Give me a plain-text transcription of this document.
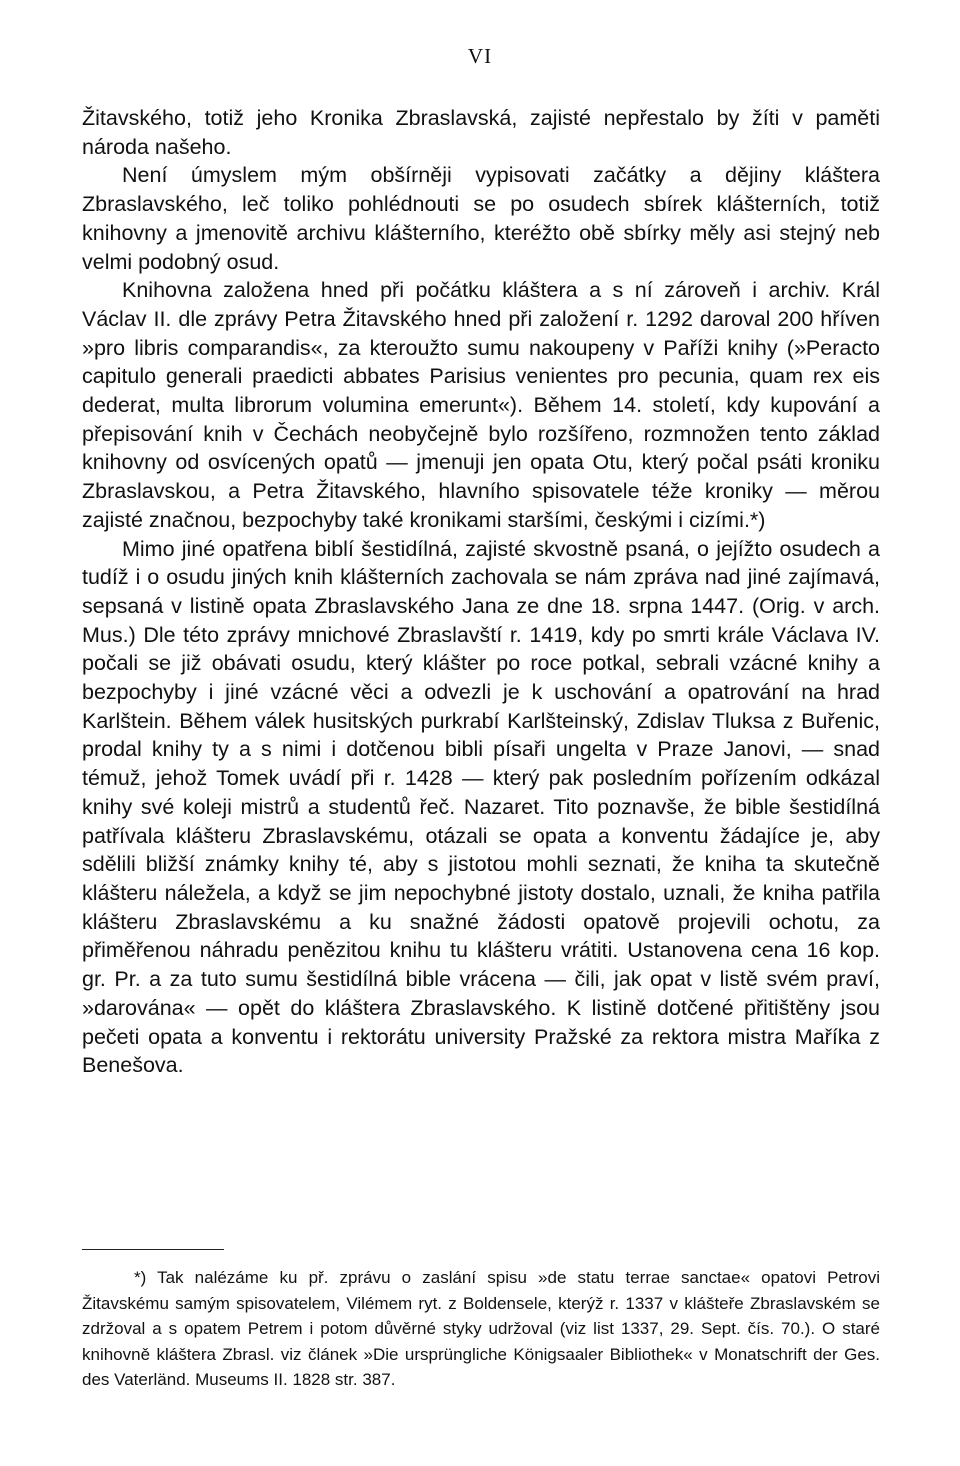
VI

Žitavského, totiž jeho Kronika Zbraslavská, zajisté nepřestalo by žíti v paměti národa našeho.

Není úmyslem mým obšírněji vypisovati začátky a dějiny kláštera Zbraslavského, leč toliko pohlédnouti se po osudech sbírek klášterních, totiž knihovny a jmenovitě archivu klášterního, kteréžto obě sbírky měly asi stejný neb velmi podobný osud.

Knihovna založena hned při počátku kláštera a s ní zároveň i archiv. Král Václav II. dle zprávy Petra Žitavského hned při založení r. 1292 daroval 200 hříven »pro libris comparandis«, za kteroužto sumu nakoupeny v Paříži knihy (»Peracto capitulo generali praedicti abbates Parisius venientes pro pecunia, quam rex eis dederat, multa librorum volumina emerunt«). Během 14. století, kdy kupování a přepisování knih v Čechách neobyčejně bylo rozšířeno, rozmnožen tento základ knihovny od osvícených opatů — jmenuji jen opata Otu, který počal psáti kroniku Zbraslavskou, a Petra Žitavského, hlavního spisovatele téže kroniky — měrou zajisté značnou, bezpochyby také kronikami staršími, českými i cizími.*)

Mimo jiné opatřena biblí šestidílná, zajisté skvostně psaná, o jejížto osudech a tudíž i o osudu jiných knih klášterních zachovala se nám zpráva nad jiné zajímavá, sepsaná v listině opata Zbraslavského Jana ze dne 18. srpna 1447. (Orig. v arch. Mus.) Dle této zprávy mnichové Zbraslavští r. 1419, kdy po smrti krále Václava IV. počali se již obávati osudu, který klášter po roce potkal, sebrali vzácné knihy a bezpochyby i jiné vzácné věci a odvezli je k uschování a opatrování na hrad Karlštein. Během válek husitských purkrabí Karlšteinský, Zdislav Tluksa z Buřenic, prodal knihy ty a s nimi i dotčenou bibli písaři ungelta v Praze Janovi, — snad témuž, jehož Tomek uvádí při r. 1428 — který pak posledním pořízením odkázal knihy své koleji mistrů a studentů řeč. Nazaret. Tito poznavše, že bible šestidílná patřívala klášteru Zbraslavskému, otázali se opata a konventu žádajíce je, aby sdělili bližší známky knihy té, aby s jistotou mohli seznati, že kniha ta skutečně klášteru náležela, a když se jim nepochybné jistoty dostalo, uznali, že kniha patřila klášteru Zbraslavskému a ku snažné žádosti opatově projevili ochotu, za přiměřenou náhradu penězitou knihu tu klášteru vrátiti. Ustanovena cena 16 kop. gr. Pr. a za tuto sumu šestidílná bible vrácena — čili, jak opat v listě svém praví, »darována« — opět do kláštera Zbraslavského. K listině dotčené přitištěny jsou pečeti opata a konventu i rektorátu university Pražské za rektora mistra Maříka z Benešova.

*) Tak nalézáme ku př. zprávu o zaslání spisu »de statu terrae sanctae« opatovi Petrovi Žitavskému samým spisovatelem, Vilémem ryt. z Boldensele, kterýž r. 1337 v klášteře Zbraslavském se zdržoval a s opatem Petrem i potom důvěrné styky udržoval (viz list 1337, 29. Sept. čís. 70.). O staré knihovně kláštera Zbrasl. viz článek »Die ursprüngliche Königsaaler Bibliothek« v Monatschrift der Ges. des Vaterländ. Museums II. 1828 str. 387.
